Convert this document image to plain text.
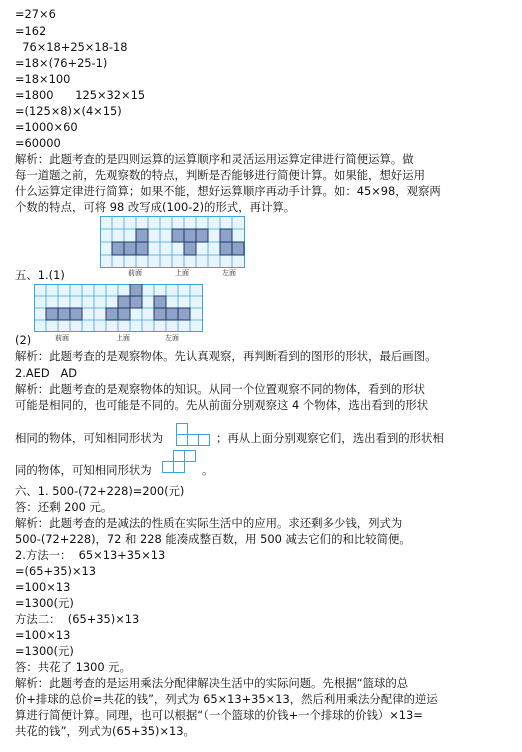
=27×6
=162
76×18+25×18-18
=18×(76+25-1)
=18×100
=1800      125×32×15
=(125×8)×(4×15)
=1000×60
=60000
解析：此题考查的是四则运算的运算顺序和灵活运用运算定律进行简便运算。做
每一道题之前，先观察数的特点，判断是否能够进行简便计算。如果能，想好运用
什么运算定律进行简算；如果不能，想好运算顺序再动手计算。如：45×98，观察两
个数的特点，可将 98 改写成(100-2)的形式，再计算。
前面	上面	左面
五、1.(1)
前面	上面	左面
(2)
解析：此题考查的是观察物体。先认真观察，再判断看到的图形的形状，最后画图。
2.AED   AD
解析：此题考查的是观察物体的知识。从同一个位置观察不同的物体，看到的形状
可能是相同的，也可能是不同的。先从前面分别观察这 4 个物体，选出看到的形状
相同的物体，可知相同形状为	；再从上面分别观察它们，选出看到的形状相
同的物体，可知相同形状为	。
六、1. 500-(72+228)=200(元)
答：还剩 200 元。
解析：此题考查的是减法的性质在实际生活中的应用。求还剩多少钱，列式为
500-(72+228)，72 和 228 能凑成整百数，用 500 减去它们的和比较简便。
2.方法一：  65×13+35×13
=(65+35)×13
=100×13
=1300(元)
方法二：  (65+35)×13
=100×13
=1300(元)
答：共花了 1300 元。
解析：此题考查的是运用乘法分配律解决生活中的实际问题。先根据“篮球的总
价+排球的总价=共花的钱”，列式为 65×13+35×13，然后利用乘法分配律的逆运
算进行简便计算。同理，也可以根据“（一个篮球的价钱+一个排球的价钱）×13=
共花的钱”，列式为(65+35)×13。
